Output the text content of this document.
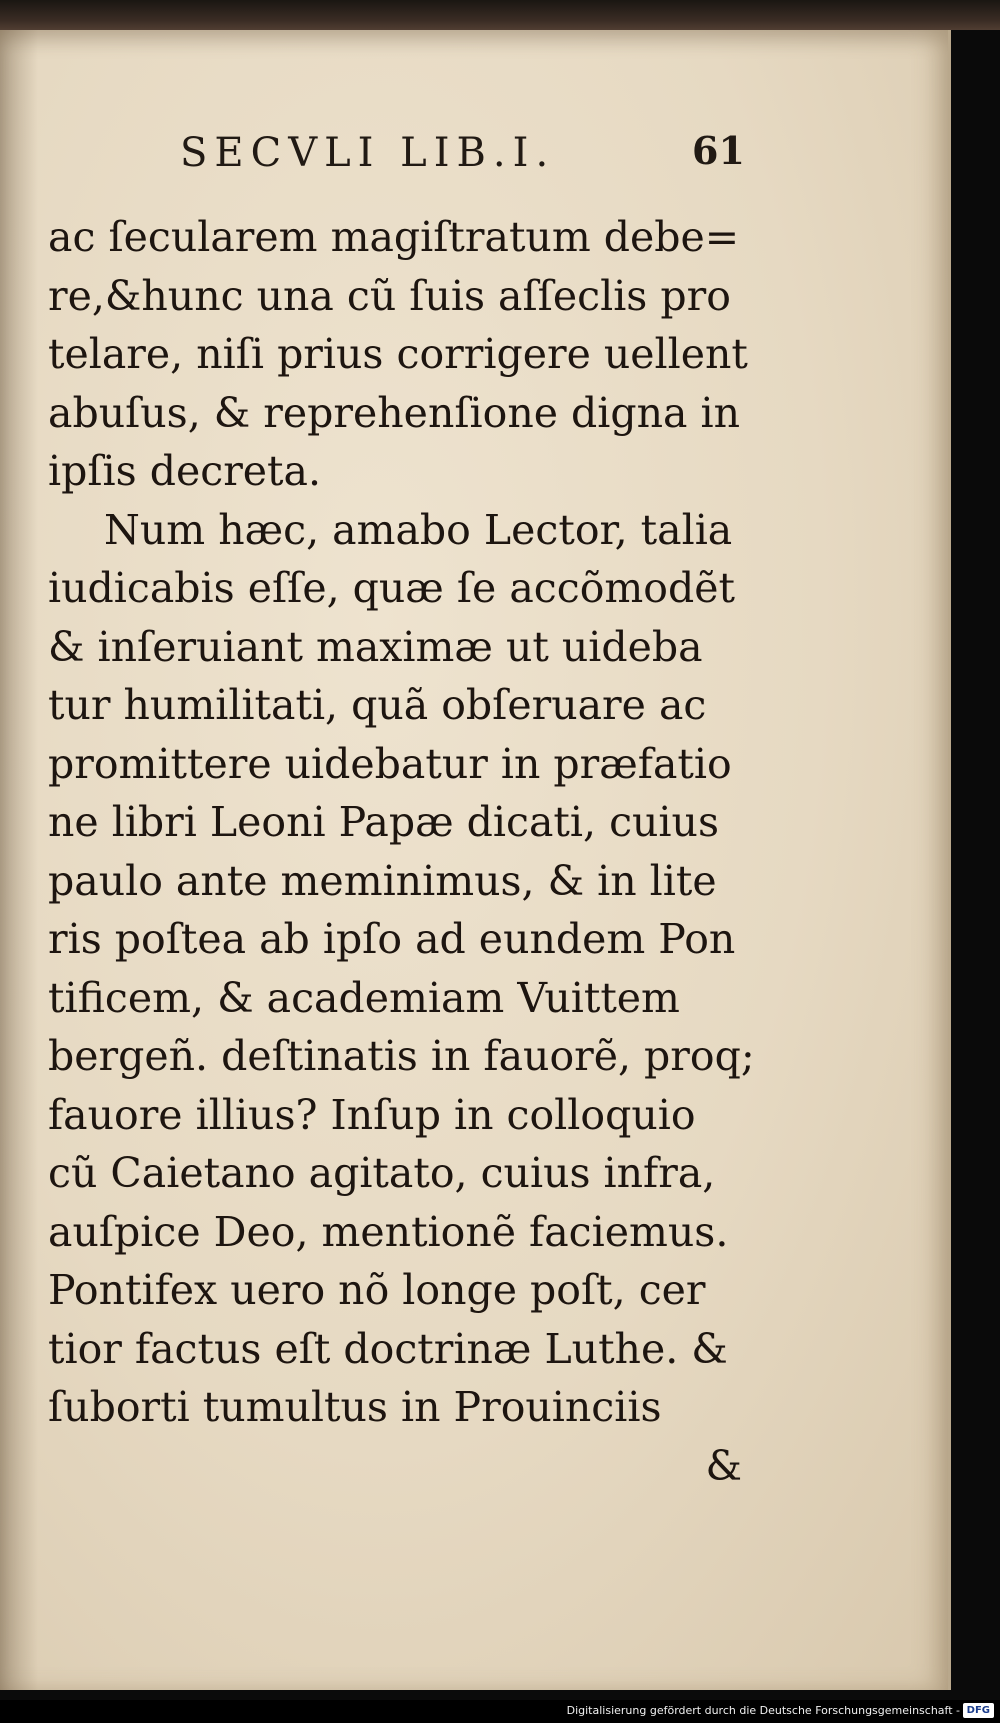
SECVLI LIB.I.	61
ac ſecularem magiſtratum debe=
re,&hunc una cũ ſuis aſſeclis pro
telare, niſi prius corrigere uellent
abuſus, & reprehenſione digna in
ipſis decreta.
Num hæc, amabo Lector, talia
iudicabis eſſe, quæ ſe accõmodẽt
& inſeruiant maximæ ut uideba
tur humilitati, quã obſeruare ac
promittere uidebatur in præfatio
ne libri Leoni Papæ dicati, cuius
paulo ante meminimus, & in lite
ris poſtea ab ipſo ad eundem Pon
tificem, & academiam Vuittem
bergeñ. deſtinatis in fauorẽ, proq;
fauore illius? Inſup in colloquio
cũ Caietano agitato, cuius infra,
auſpice Deo, mentionẽ faciemus.
Pontifex uero nõ longe poſt, cer
tior factus eſt doctrinæ Luthe. &
ſuborti tumultus in Prouinciis
&
Digitalisierung gefördert durch die Deutsche Forschungsgemeinschaft - DFG
